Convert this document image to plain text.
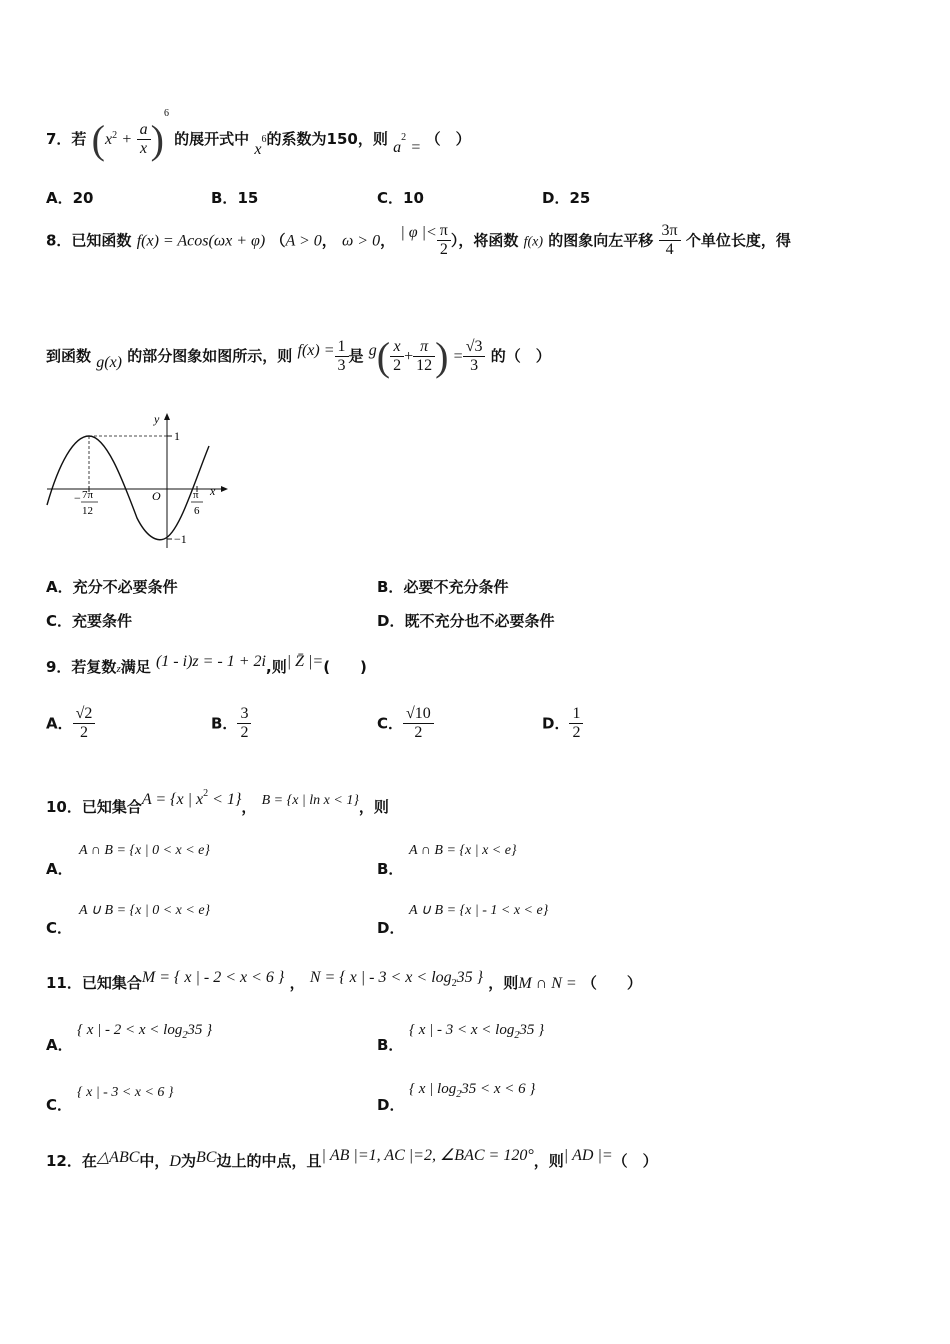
7．若 $(x^2 + \frac{a}{x} )^6$ 的展开式中 $x^6$的系数为150，则 $a^2$ = （　）
A．20	B．15	C．10	D．25
8．已知函数 f(x) = Acos(ωx + φ) （A > 0， ω > 0， | φ |< $\frac{\pi}{2}$ ），将函数 f(x) 的图象向左平移 $\frac{3\pi}{4}$ 个单位长度，得
到函数 g(x) 的部分图象如图所示，则 $f(x) = \frac{1}{3}$ 是 $g( \frac{x}{2} + \frac{\pi}{12}$ ) = $\frac{√3}{3}$ 的（　）
y
x
O
1
−1
− 7π
12
π
6
A．充分不必要条件	B．必要不充分条件
C．充要条件	D．既不充分也不必要条件
9．若复数z满足 (1 - i)z = - 1 + 2i,则| Z̄ |=(　　)
A． $\frac{√2}{2}$	B． $\frac{3}{2}$	C． $\frac{√10}{2}$	D． $\frac{1}{2}$
10．已知集合A = {x | $x^2 < 1$}， B = {x | ln x < 1}，则
A．
A ∩ B = {x | 0 < x < e}
B．
A ∩ B = {x | x < e}
C．
A ∪ B = {x | 0 < x < e}
D．
A ∪ B = {x | - 1 < x < e}
11．已知集合M = { x | - 2 < x < 6 } ， N = { x | - $3 < x < \log_235$ } ，则M ∩ N = （　　）
A．
{ x | - $2 < x < \log_235$ }
B．
{ x | - $3 < x < \log_235$ }
C．
{ x | - 3 < x < 6 }
D．
{ x | $\log_235 < x < 6$ }
12．在△ABC中，D为BC边上的中点，且| AB |=1, AC |=2, ∠BAC = 120°，则| AD |=（　）
